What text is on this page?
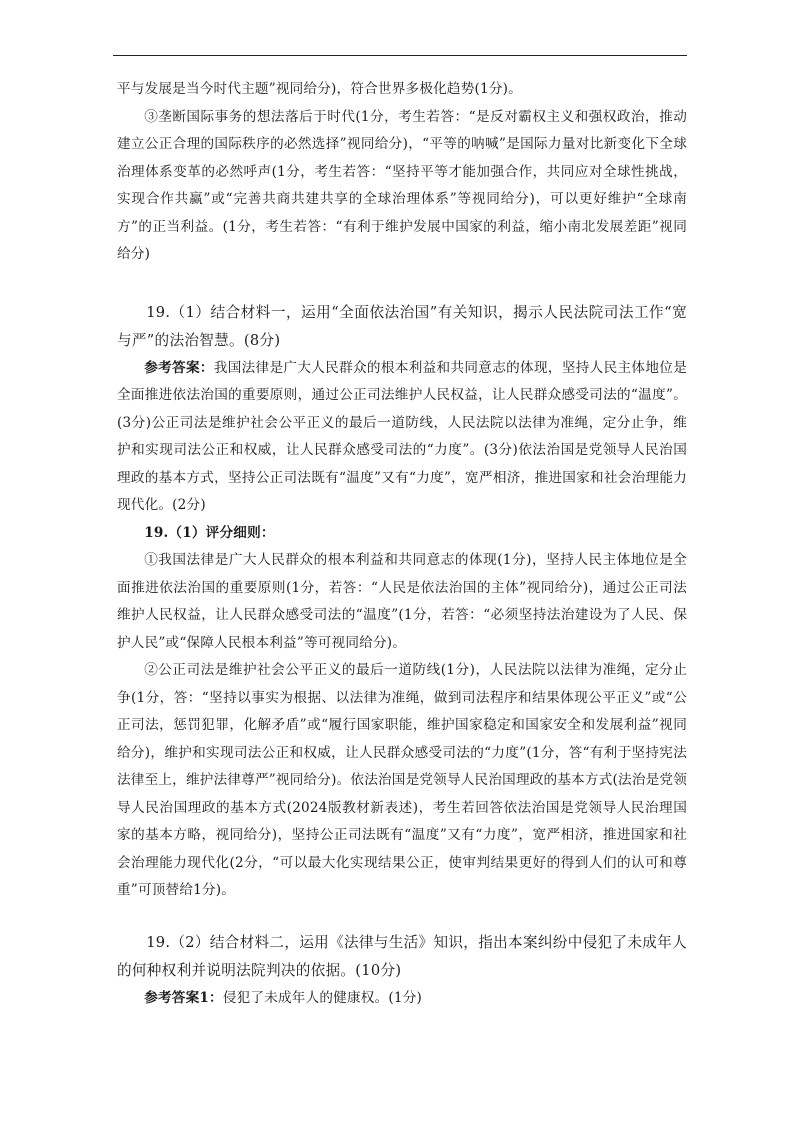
平与发展是当今时代主题”视同给分)，符合世界多极化趋势(1分)。

③垄断国际事务的想法落后于时代(1分，考生若答：“是反对霸权主义和强权政治，推动建立公正合理的国际秩序的必然选择”视同给分)，“平等的呐喊”是国际力量对比新变化下全球治理体系变革的必然呼声(1分，考生若答：“坚持平等才能加强合作，共同应对全球性挑战，实现合作共赢”或“完善共商共建共享的全球治理体系”等视同给分)，可以更好维护“全球南方”的正当利益。(1分，考生若答：“有利于维护发展中国家的利益，缩小南北发展差距”视同给分)

19.（1）结合材料一，运用“全面依法治国”有关知识，揭示人民法院司法工作“宽与严”的法治智慧。(8分)

参考答案：我国法律是广大人民群众的根本利益和共同意志的体现，坚持人民主体地位是全面推进依法治国的重要原则，通过公正司法维护人民权益，让人民群众感受司法的“温度”。(3分)公正司法是维护社会公平正义的最后一道防线，人民法院以法律为准绳，定分止争，维护和实现司法公正和权威，让人民群众感受司法的“力度”。(3分)依法治国是党领导人民治国理政的基本方式，坚持公正司法既有“温度”又有“力度”，宽严相济，推进国家和社会治理能力现代化。(2分)

19.（1）评分细则：

①我国法律是广大人民群众的根本利益和共同意志的体现(1分)，坚持人民主体地位是全面推进依法治国的重要原则(1分，若答：“人民是依法治国的主体”视同给分)，通过公正司法维护人民权益，让人民群众感受司法的“温度”(1分，若答：“必须坚持法治建设为了人民、保护人民”或“保障人民根本利益”等可视同给分)。

②公正司法是维护社会公平正义的最后一道防线(1分)，人民法院以法律为准绳，定分止争(1分，答：“坚持以事实为根据、以法律为准绳，做到司法程序和结果体现公平正义”或“公正司法，惩罚犯罪，化解矛盾”或“履行国家职能，维护国家稳定和国家安全和发展利益”视同给分)，维护和实现司法公正和权威，让人民群众感受司法的“力度”(1分，答“有利于坚持宪法法律至上，维护法律尊严”视同给分)。依法治国是党领导人民治国理政的基本方式(法治是党领导人民治国理政的基本方式(2024版教材新表述)，考生若回答依法治国是党领导人民治理国家的基本方略，视同给分)，坚持公正司法既有“温度”又有“力度”，宽严相济，推进国家和社会治理能力现代化(2分，“可以最大化实现结果公正，使审判结果更好的得到人们的认可和尊重”可顶替给1分)。

19.（2）结合材料二，运用《法律与生活》知识，指出本案纠纷中侵犯了未成年人的何种权利并说明法院判决的依据。(10分)

参考答案1：侵犯了未成年人的健康权。(1分)
